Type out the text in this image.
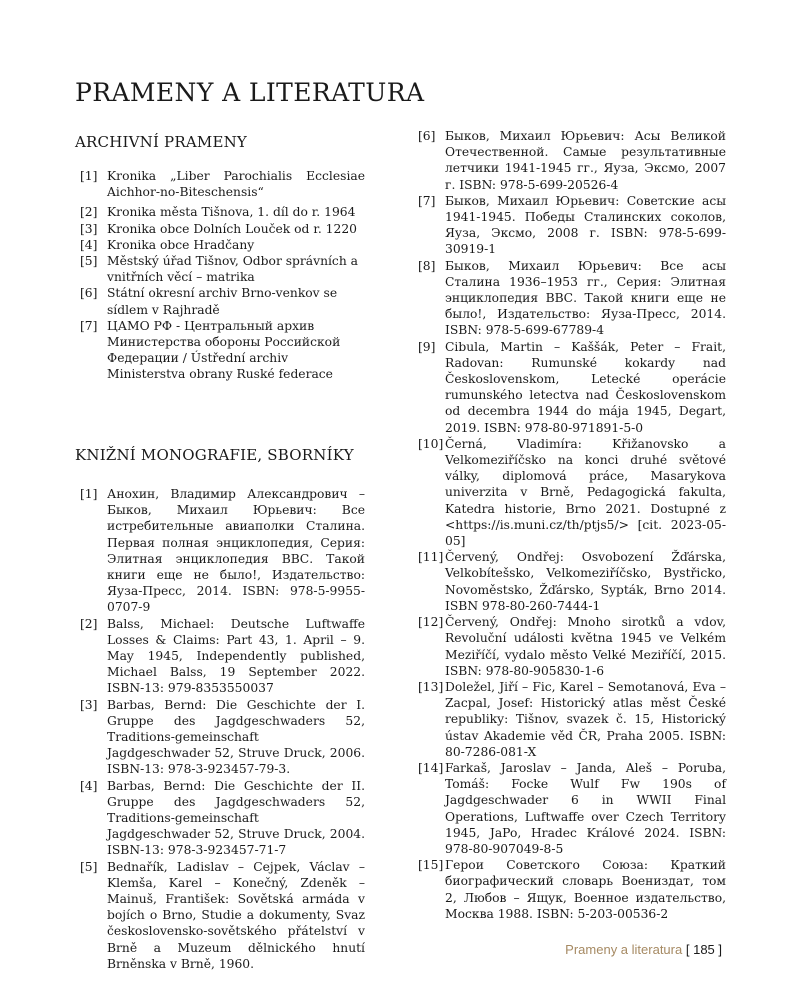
PRAMENY A LITERATURA
ARCHIVNÍ PRAMENY
[1] Kronika „Liber Parochialis Ecclesiae Aichhor-no-Biteschensis“
[2] Kronika města Tišnova, 1. díl do r. 1964
[3] Kronika obce Dolních Louček od r. 1220
[4] Kronika obce Hradčany
[5] Městský úřad Tišnov, Odbor správních a vnitřních věcí – matrika
[6] Státní okresní archiv Brno-venkov se sídlem v Rajhradě
[7] ЦАМО РФ - Центральный архив Министерства обороны Российской Федерации / Ústřední archiv Ministerstva obrany Ruské federace
KNIŽNÍ MONOGRAFIE, SBORNÍKY
[1] Анохин, Владимир Александрович – Быков, Михаил Юрьевич: Все истребительные авиаполки Сталина. Первая полная энциклопедия, Серия: Элитная энциклопедия ВВС. Такой книги еще не было!, Издательство: Яуза-Пресс, 2014. ISBN: 978-5-9955-0707-9
[2] Balss, Michael: Deutsche Luftwaffe Losses & Claims: Part 43, 1. April – 9. May 1945, Independently published, Michael Balss, 19 September 2022. ISBN-13: 979-8353550037
[3] Barbas, Bernd: Die Geschichte der I. Gruppe des Jagdgeschwaders 52, Traditions-gemeinschaft Jagdgeschwader 52, Struve Druck, 2006. ISBN-13: 978-3-923457-79-3.
[4] Barbas, Bernd: Die Geschichte der II. Gruppe des Jagdgeschwaders 52, Traditions-gemeinschaft Jagdgeschwader 52, Struve Druck, 2004. ISBN-13: 978-3-923457-71-7
[5] Bednařík, Ladislav – Cejpek, Václav – Klemša, Karel – Konečný, Zdeněk – Mainuš, František: Sovětská armáda v bojích o Brno, Studie a dokumenty, Svaz československo-sovětského přátelství v Brně a Muzeum dělnického hnutí Brněnska v Brně, 1960.
[6] Быков, Михаил Юрьевич: Асы Великой Отечественной. Самые результативные летчики 1941-1945 гг., Яуза, Эксмо, 2007 г. ISBN: 978-5-699-20526-4
[7] Быков, Михаил Юрьевич: Советские асы 1941-1945. Победы Сталинских соколов, Яуза, Эксмо, 2008 г. ISBN: 978-5-699-30919-1
[8] Быков, Михаил Юрьевич: Все асы Сталина 1936–1953 гг., Серия: Элитная энциклопедия ВВС. Такой книги еще не было!, Издательство: Яуза-Пресс, 2014. ISBN: 978-5-699-67789-4
[9] Cibula, Martin – Kaššák, Peter – Frait, Radovan: Rumunské kokardy nad Československom, Letecké operácie rumunského letectva nad Československom od decembra 1944 do mája 1945, Degart, 2019. ISBN: 978-80-971891-5-0
[10] Černá, Vladimíra: Křižanovsko a Velkomeziříčsko na konci druhé světové války, diplomová práce, Masarykova univerzita v Brně, Pedagogická fakulta, Katedra historie, Brno 2021. Dostupné z <https://is.muni.cz/th/ptjs5/> [cit. 2023-05-05]
[11] Červený, Ondřej: Osvobození Žďárska, Velkobítešsko, Velkomeziříčsko, Bystřicko, Novoměstsko, Žďársko, Sypták, Brno 2014. ISBN 978-80-260-7444-1
[12] Červený, Ondřej: Mnoho sirotků a vdov, Revoluční události května 1945 ve Velkém Meziříčí, vydalo město Velké Meziříčí, 2015. ISBN: 978-80-905830-1-6
[13] Doležel, Jiří – Fic, Karel – Semotanová, Eva – Zacpal, Josef: Historický atlas měst České republiky: Tišnov, svazek č. 15, Historický ústav Akademie věd ČR, Praha 2005. ISBN: 80-7286-081-X
[14] Farkaš, Jaroslav – Janda, Aleš – Poruba, Tomáš: Focke Wulf Fw 190s of Jagdgeschwader 6 in WWII Final Operations, Luftwaffe over Czech Territory 1945, JaPo, Hradec Králové 2024. ISBN: 978-80-907049-8-5
[15] Герои Советского Союза: Краткий биографический словарь Воениздат, том 2, Любов – Ящук, Военное издательство, Москва 1988. ISBN: 5-203-00536-2
Prameny a literatura [ 185 ]
